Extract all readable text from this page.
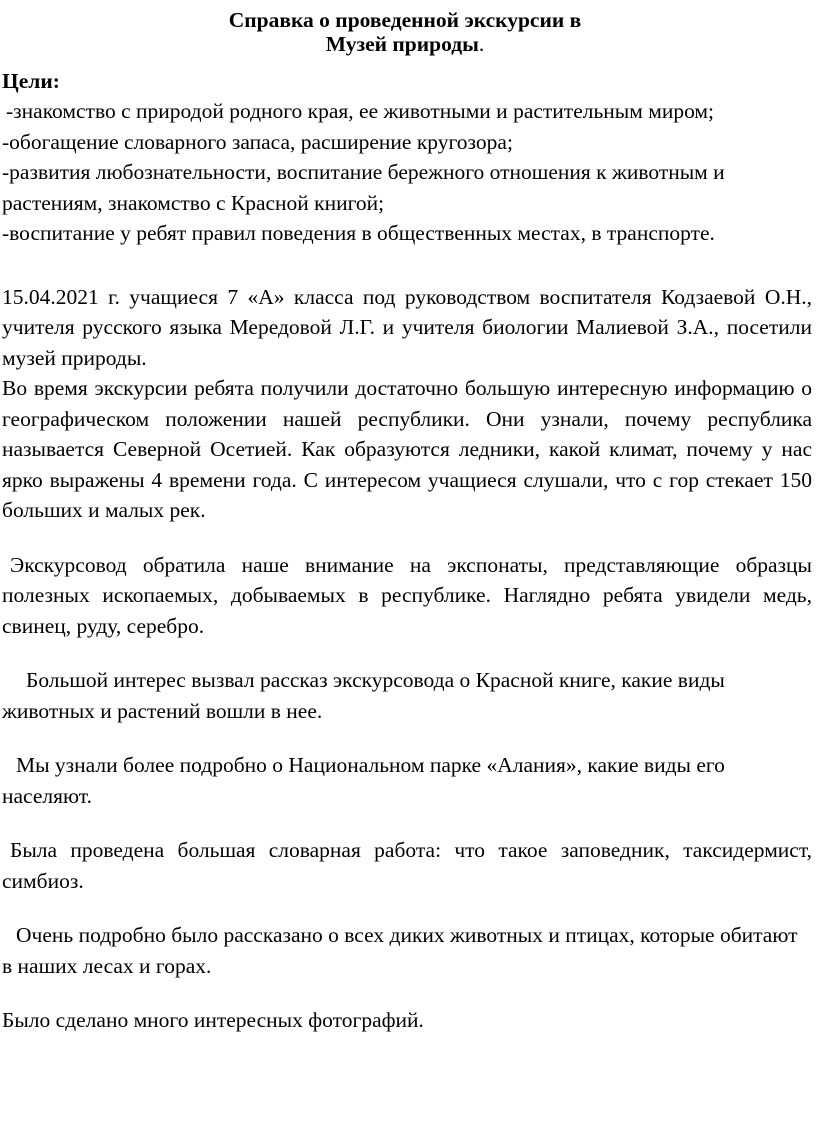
Справка о проведенной экскурсии в
Музей природы.
Цели:

-знакомство с природой родного края, ее животными и растительным миром;

-обогащение словарного запаса, расширение кругозора;

-развития любознательности, воспитание бережного отношения к животным и растениям, знакомство с Красной книгой;

-воспитание у ребят правил поведения в общественных местах, в транспорте.

15.04.2021 г. учащиеся 7 «А» класса под руководством воспитателя Кодзаевой О.Н., учителя русского языка Мередовой Л.Г. и учителя биологии Малиевой З.А., посетили музей природы.

Во время экскурсии ребята получили достаточно большую интересную информацию о географическом положении нашей республики. Они узнали, почему республика называется Северной Осетией. Как образуются ледники, какой климат, почему у нас ярко выражены 4 времени года. С интересом учащиеся слушали, что с гор стекает 150 больших и малых рек.

Экскурсовод обратила наше внимание на экспонаты, представляющие образцы полезных ископаемых, добываемых в республике. Наглядно ребята увидели медь, свинец, руду, серебро.

Большой интерес вызвал рассказ экскурсовода о Красной книге, какие виды животных и растений вошли в нее.

Мы узнали более подробно о Национальном парке «Алания», какие виды его населяют.

Была проведена большая словарная работа: что такое заповедник, таксидермист, симбиоз.

Очень подробно было рассказано о всех диких животных и птицах, которые обитают в наших лесах и горах.

Было сделано много интересных фотографий.
